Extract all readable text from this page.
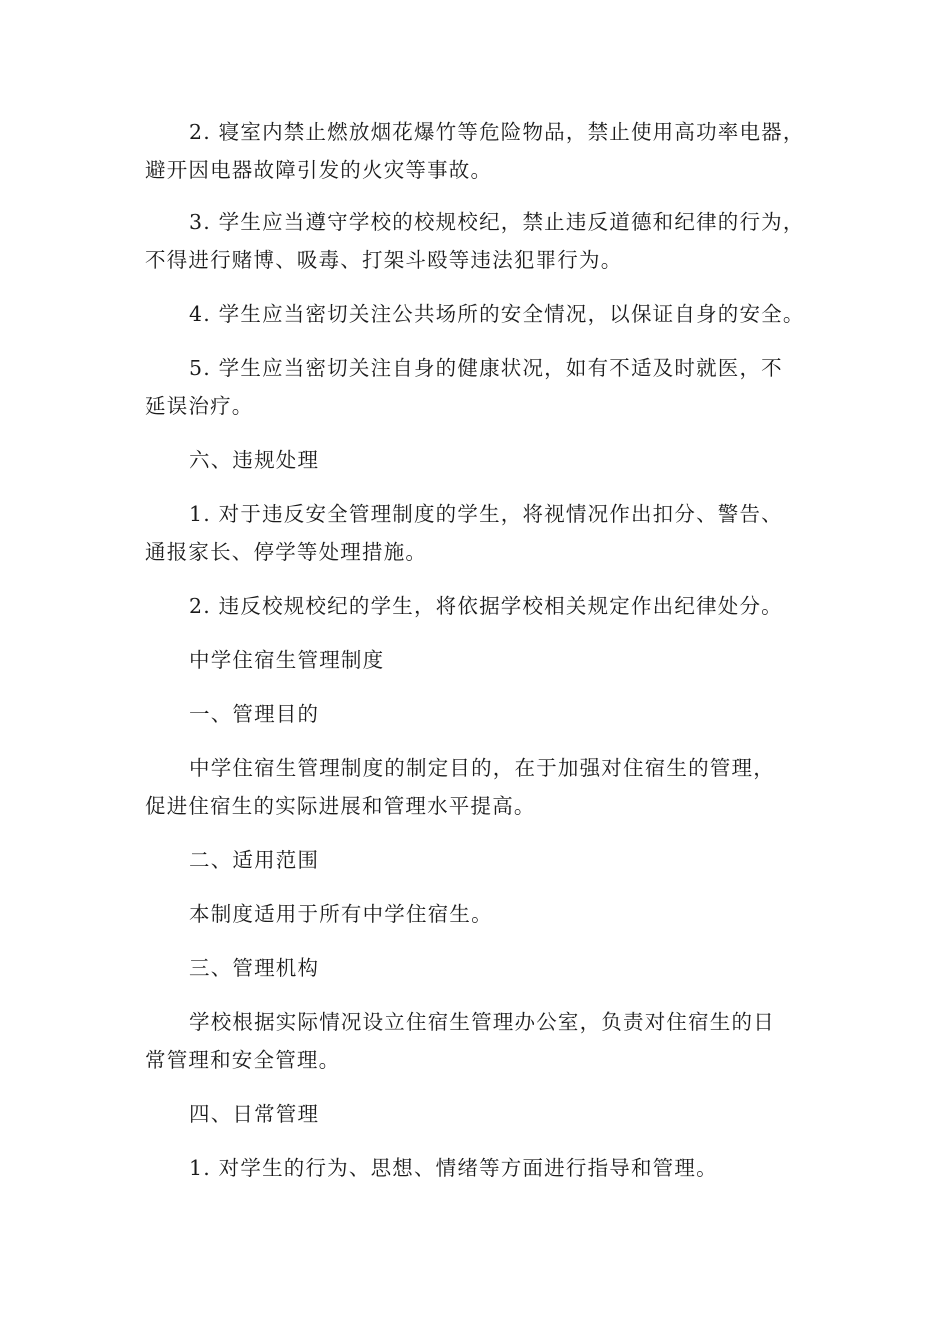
2. 寝室内禁止燃放烟花爆竹等危险物品，禁止使用高功率电器，
避开因电器故障引发的火灾等事故。
3. 学生应当遵守学校的校规校纪，禁止违反道德和纪律的行为，
不得进行赌博、吸毒、打架斗殴等违法犯罪行为。
4. 学生应当密切关注公共场所的安全情况，以保证自身的安全。
5. 学生应当密切关注自身的健康状况，如有不适及时就医，不
延误治疗。
六、违规处理
1. 对于违反安全管理制度的学生，将视情况作出扣分、警告、
通报家长、停学等处理措施。
2. 违反校规校纪的学生，将依据学校相关规定作出纪律处分。
中学住宿生管理制度
一、管理目的
中学住宿生管理制度的制定目的，在于加强对住宿生的管理，
促进住宿生的实际进展和管理水平提高。
二、适用范围
本制度适用于所有中学住宿生。
三、管理机构
学校根据实际情况设立住宿生管理办公室，负责对住宿生的日
常管理和安全管理。
四、日常管理
1. 对学生的行为、思想、情绪等方面进行指导和管理。
